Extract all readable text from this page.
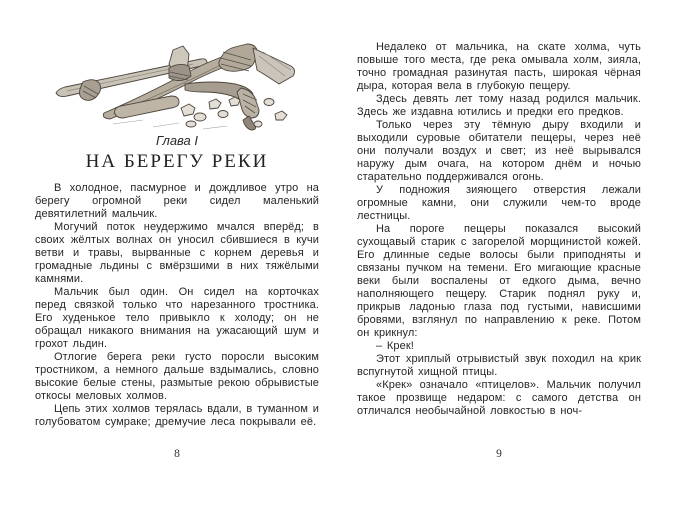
Глава I
НА БЕРЕГУ РЕКИ

В холодное, пасмурное и дождливое утро на берегу огромной реки сидел маленький девятилетний мальчик.

Могучий поток неудержимо мчался вперёд; в своих жёлтых волнах он уносил сбившиеся в кучи ветви и травы, вырванные с корнем деревья и громадные льдины с вмёрзшими в них тяжёлыми камнями.

Мальчик был один. Он сидел на корточках перед связкой только что нарезанного тростника. Его худенькое тело привыкло к холоду; он не обращал никакого внимания на ужасающий шум и грохот льдин.

Отлогие берега реки густо поросли высоким тростником, а немного дальше вздымались, словно высокие белые стены, размытые рекою обрывистые откосы меловых холмов.

Цепь этих холмов терялась вдали, в туманном и голубоватом сумраке; дремучие леса покрывали её.

8

Недалеко от мальчика, на скате холма, чуть повыше того места, где река омывала холм, зияла, точно громадная разинутая пасть, широкая чёрная дыра, которая вела в глубокую пещеру.

Здесь девять лет тому назад родился мальчик. Здесь же издавна ютились и предки его предков.

Только через эту тёмную дыру входили и выходили суровые обитатели пещеры, через неё они получали воздух и свет; из неё вырывался наружу дым очага, на котором днём и ночью старательно поддерживался огонь.

У подножия зияющего отверстия лежали огромные камни, они служили чем-то вроде лестницы.

На пороге пещеры показался высокий сухощавый старик с загорелой морщинистой кожей. Его длинные седые волосы были приподняты и связаны пучком на темени. Его мигающие красные веки были воспалены от едкого дыма, вечно наполняющего пещеру. Старик поднял руку и, прикрыв ладонью глаза под густыми, нависшими бровями, взглянул по направлению к реке. Потом он крикнул:

– Крек!

Этот хриплый отрывистый звук походил на крик вспугнутой хищной птицы.

«Крек» означало «птицелов». Мальчик получил такое прозвище недаром: с самого детства он отличался необычайной ловкостью в ноч-

9
